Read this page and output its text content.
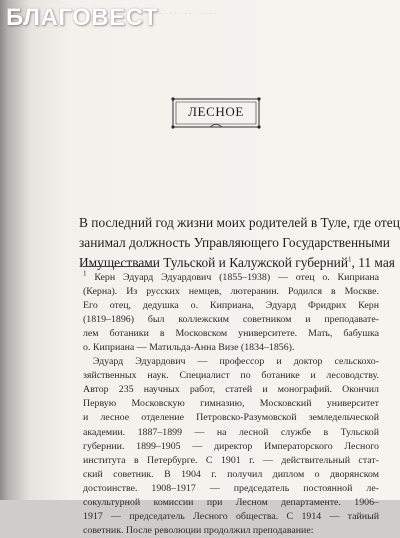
. . . . . . . . . . . . . .
БЛАГОВЕСТ
ЛЕСНОЕ
В последний год жизни моих родителей в Туле, где отец
занимал должность Управляющего Государственными
Имуществами Тульской и Калужской губерний$^1$, 11 мая
$^1$ Керн Эдуард Эдуардович (1855–1938) — отец о. Киприана
(Керна). Из русских немцев, лютеранин. Родился в Москве.
Его отец, дедушка о. Киприана, Эдуард Фридрих Керн
(1819–1896) был коллежским советником и преподавате-
лем ботаники в Московском университете. Мать, бабушка
о. Киприана — Матильда-Анна Визе (1834–1856).
 Эдуард Эдуардович — профессор и доктор сельскохо-
зяйственных наук. Специалист по ботанике и лесоводству.
Автор 235 научных работ, статей и монографий. Окончил
Первую Московскую гимназию, Московский университет
и лесное отделение Петровско-Разумовской земледельческой
академии. 1887–1899 — на лесной службе в Тульской
губернии. 1899–1905 — директор Императорского Лесного
института в Петербурге. С 1901 г. — действительный стат-
ский советник. В 1904 г. получил диплом о дворянском
достоинстве. 1908–1917 — председатель постоянной ле-
сокультурной комиссии при Лесном департаменте. 1906–
1917 — председатель Лесного общества. С 1914 — тайный
советник. После революции продолжил преподавание:
